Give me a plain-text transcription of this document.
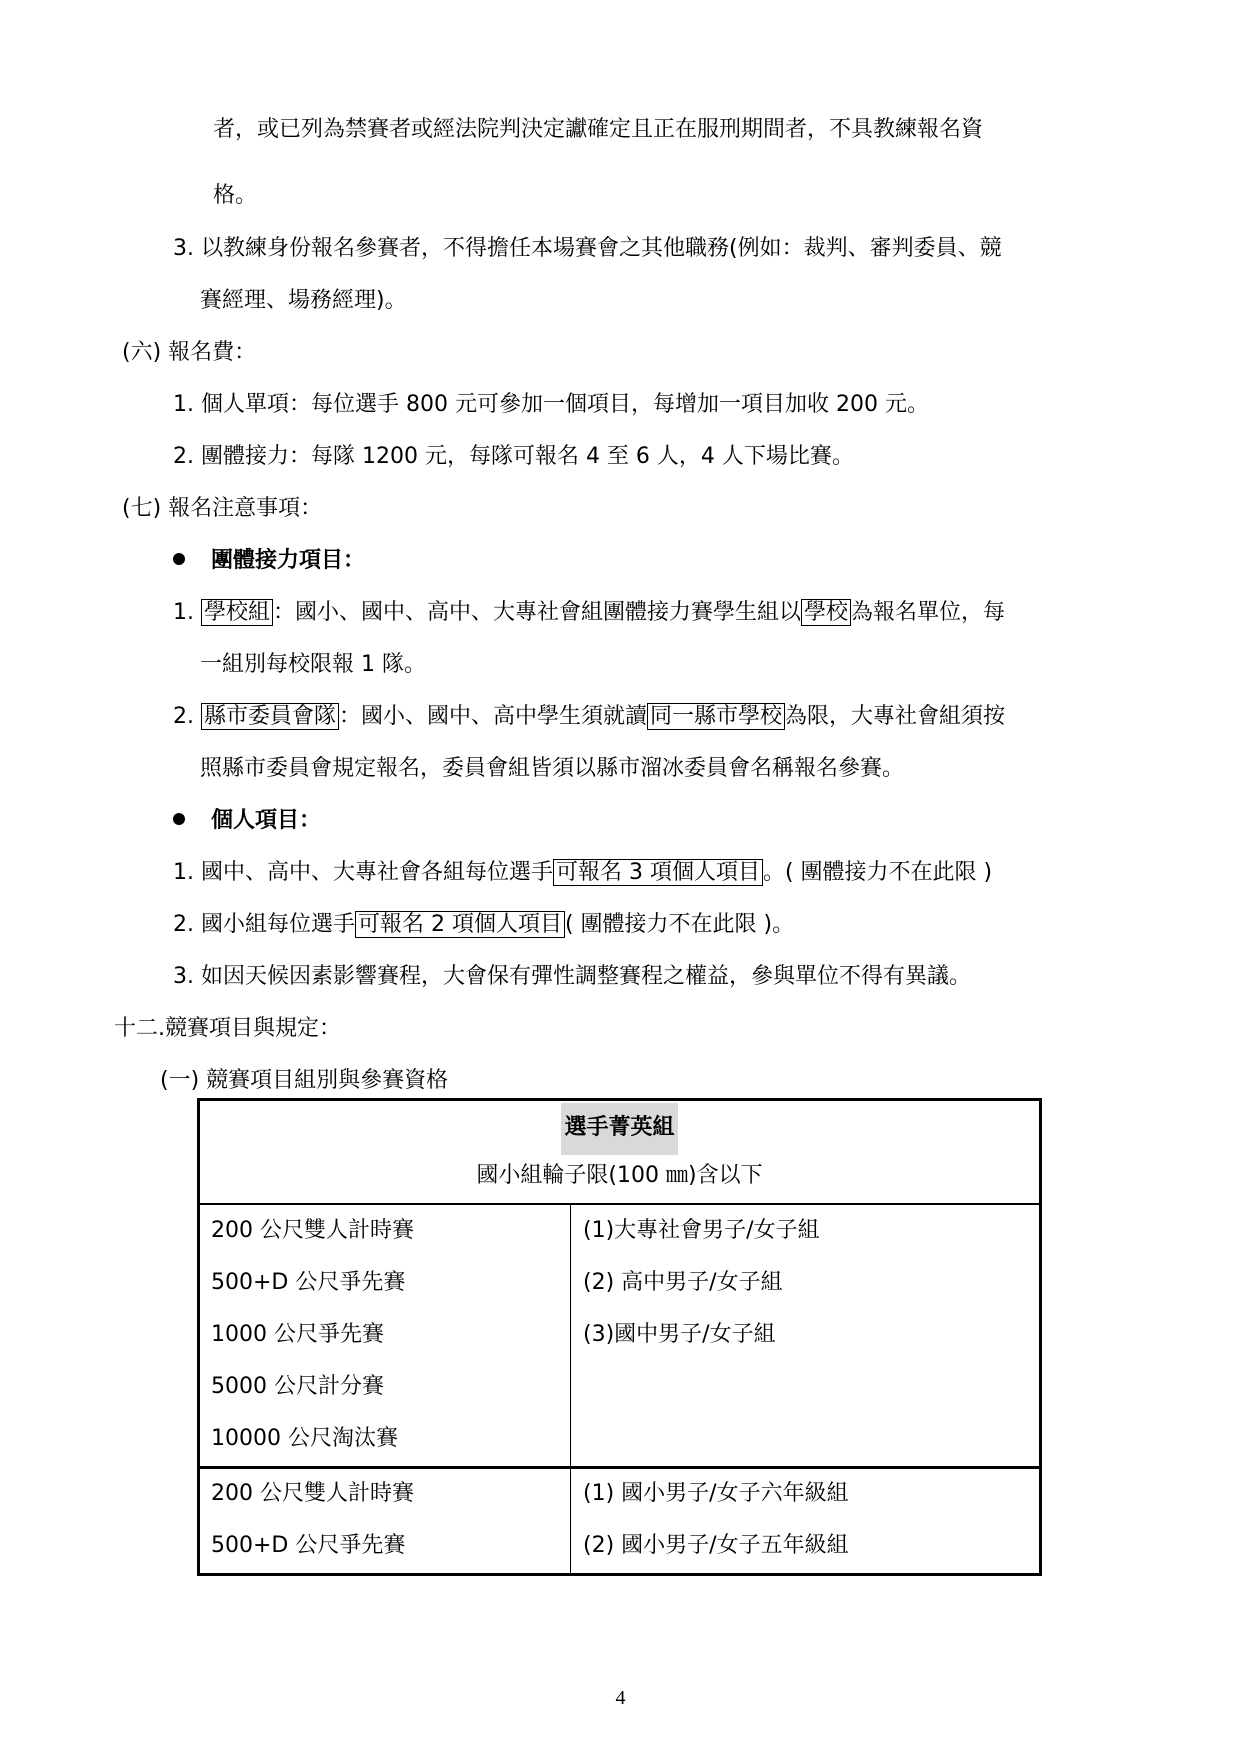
者，或已列為禁賽者或經法院判決定讞確定且正在服刑期間者，不具教練報名資
格。
3. 以教練身份報名參賽者，不得擔任本場賽會之其他職務(例如：裁判、審判委員、競
賽經理、場務經理)。
(六) 報名費：
1. 個人單項：每位選手 800 元可參加一個項目，每增加一項目加收 200 元。
2. 團體接力：每隊 1200 元，每隊可報名 4 至 6 人，4 人下場比賽。
(七) 報名注意事項：
團體接力項目：
1. 學校組 ：國小、國中、高中、大專社會組團體接力賽學生組以 學校 為報名單位，每
一組別每校限報 1 隊。
2. 縣市委員會隊 ：國小、國中、高中學生須就讀 同一縣市學校 為限，大專社會組須按
照縣市委員會規定報名，委員會組皆須以縣市溜冰委員會名稱報名參賽。
個人項目：
1. 國中、高中、大專社會各組每位選手 可報名 3 項個人項目 。( 團體接力不在此限 )
2. 國小組每位選手 可報名 2 項個人項目 ( 團體接力不在此限 )。
3. 如因天候因素影響賽程，大會保有彈性調整賽程之權益，參與單位不得有異議。
十二.競賽項目與規定：
(一) 競賽項目組別與參賽資格
選手菁英組
國小組輪子限(100 ㎜)含以下
200 公尺雙人計時賽
500+D 公尺爭先賽
1000 公尺爭先賽
5000 公尺計分賽
10000 公尺淘汰賽
(1)大專社會男子/女子組
(2) 高中男子/女子組
(3)國中男子/女子組
200 公尺雙人計時賽
500+D 公尺爭先賽
(1) 國小男子/女子六年級組
(2) 國小男子/女子五年級組
4
